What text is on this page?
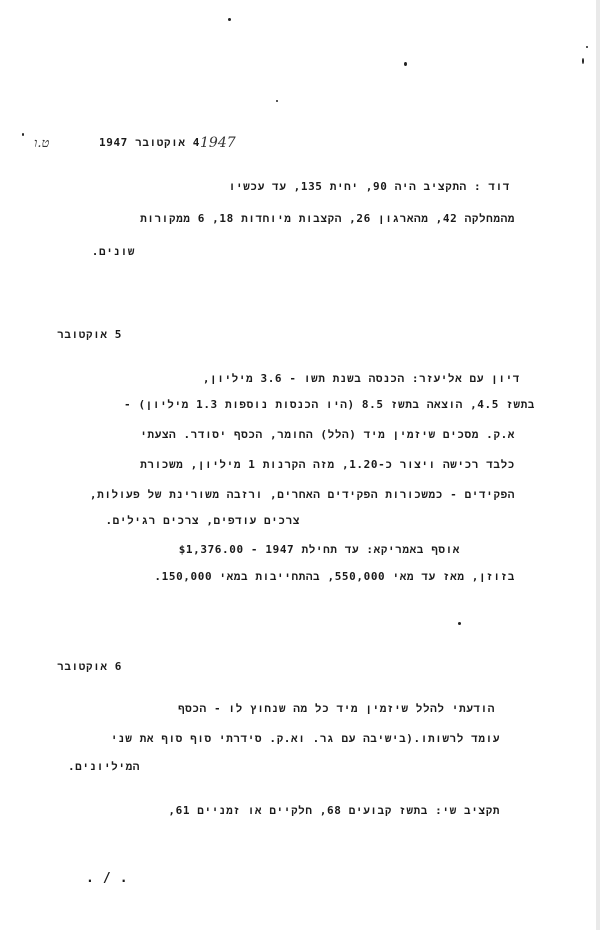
4 אוקטובר 1947 1947
ט.ו
דוד : התקציב היה 90, יחית 135, עד עכשיו
מהמחלקה 42, מהארגון 26, הקצבות מיוחדות 18, 6 ממקורות
שונים.
5 אוקטובר
דיון עם אליעזר: הכנסה בשנת תשו - 3.6 מיליון,
בתשז 4.5, הוצאה בתשז 8.5 (היו הכנסות נוספות 1.3 מיליון) -
א.ק. מסכים שיזמין מיד (הלל) החומר, הכסף יסודר. הצעתי
כלבד רכישה ויצור כ-1.20, מזה הקרנות 1 מיליון, משכורת
הפקידים - כמשכורות הפקידים האחרים, ורזבה משורינת של פעולות,
צרכים עודפים, צרכים רגילים.
אוסף באמריקא: עד תחילת 1947 - $1,376.00
בזוזן, מאז עד מאי 550,000, בהתחייבות במאי 150,000.
6 אוקטובר
הודעתי להלל שיזמין מיד כל מה שנחוץ לו - הכסף
עומד לרשותו.(בישיבה עם גר. וא.ק. סידרתי סוף סוף את שני
המיליונים.
תקציב שי: בתשז קבועים 68, חלקיים או זמניים 61,
. / .
